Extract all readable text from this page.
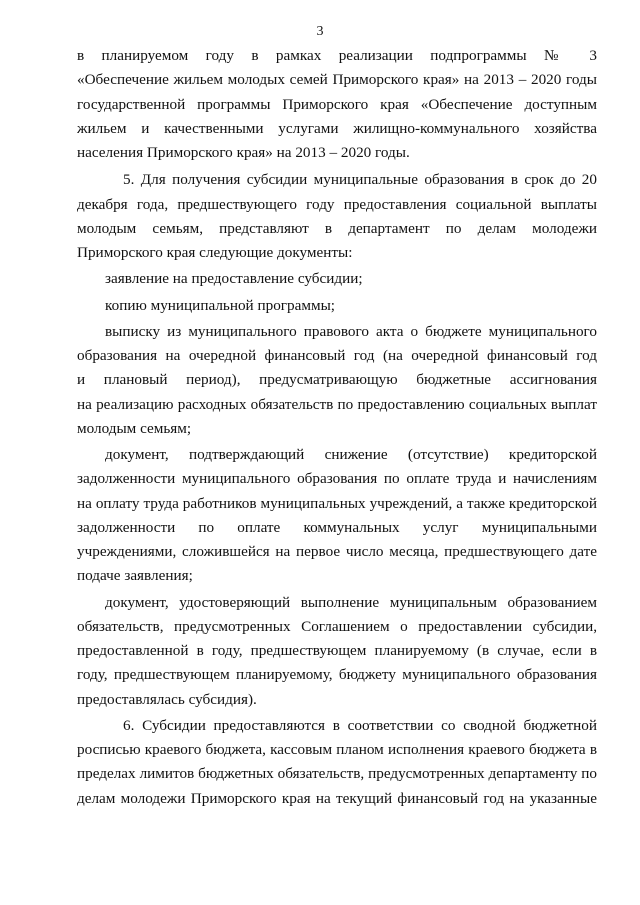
3
в планируемом году в рамках реализации подпрограммы № 3
«Обеспечение жильем молодых семей Приморского края» на 2013 – 2020 годы
государственной программы Приморского края «Обеспечение доступным
жильем и качественными услугами жилищно-коммунального хозяйства
населения Приморского края» на 2013 – 2020 годы.
5. Для получения субсидии муниципальные образования в срок до 20
декабря года, предшествующего году предоставления социальной выплаты
молодым семьям, представляют в департамент по делам молодежи
Приморского края следующие документы:
заявление на предоставление субсидии;
копию муниципальной программы;
выписку из муниципального правового акта о бюджете муниципального
образования на очередной финансовый год (на очередной финансовый год
и плановый период), предусматривающую бюджетные ассигнования
на реализацию расходных обязательств по предоставлению социальных выплат
молодым семьям;
документ, подтверждающий снижение (отсутствие) кредиторской
задолженности муниципального образования по оплате труда и начислениям
на оплату труда работников муниципальных учреждений, а также кредиторской
задолженности по оплате коммунальных услуг муниципальными
учреждениями, сложившейся на первое число месяца, предшествующего дате
подаче заявления;
документ, удостоверяющий выполнение муниципальным образованием
обязательств, предусмотренных Соглашением о предоставлении субсидии,
предоставленной в году, предшествующем планируемому (в случае, если в
году, предшествующем планируемому, бюджету муниципального образования
предоставлялась субсидия).
6. Субсидии предоставляются в соответствии со сводной бюджетной
росписью краевого бюджета, кассовым планом исполнения краевого бюджета в
пределах лимитов бюджетных обязательств, предусмотренных департаменту по
делам молодежи Приморского края на текущий финансовый год на указанные
